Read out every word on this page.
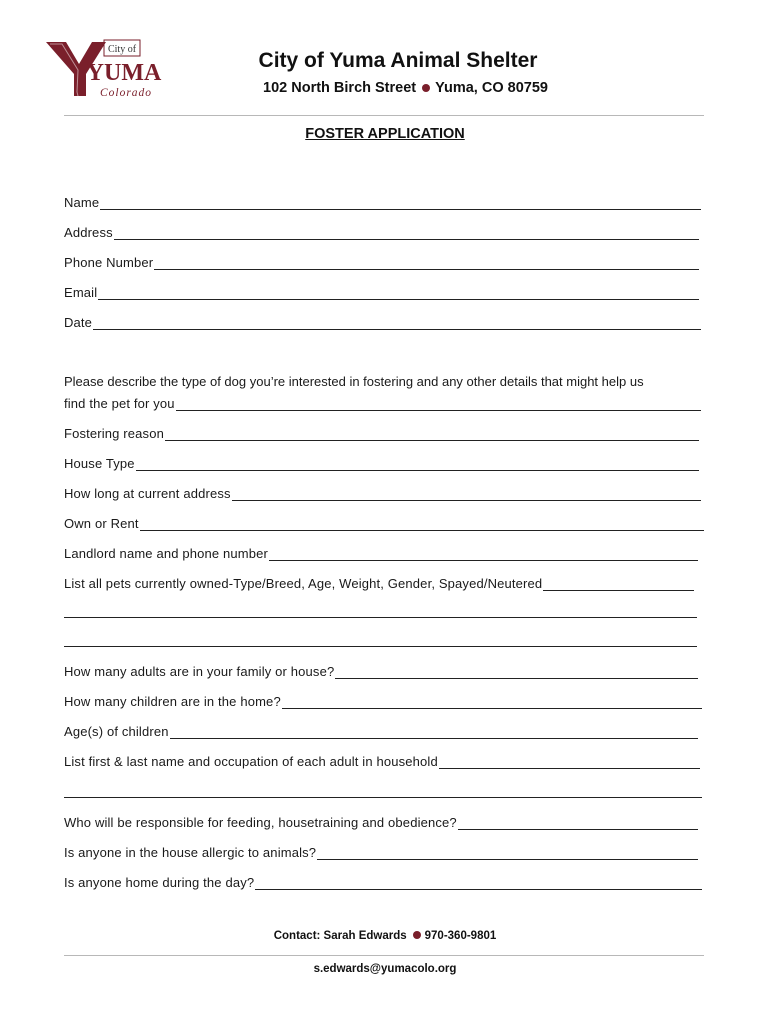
City of
YUMA
Colorado
City of Yuma Animal Shelter
102 North Birch Street Yuma, CO 80759
FOSTER APPLICATION
Name
Address
Phone Number
Email
Date
Please describe the type of dog you’re interested in fostering and any other details that might help us
find the pet for you
Fostering reason
House Type
How long at current address
Own or Rent
Landlord name and phone number
List all pets currently owned-Type/Breed, Age, Weight, Gender, Spayed/Neutered
How many adults are in your family or house?
How many children are in the home?
Age(s) of children
List first & last name and occupation of each adult in household
Who will be responsible for feeding, housetraining and obedience?
Is anyone in the house allergic to animals?
Is anyone home during the day?
Contact: Sarah Edwards 970-360-9801
s.edwards@yumacolo.org
